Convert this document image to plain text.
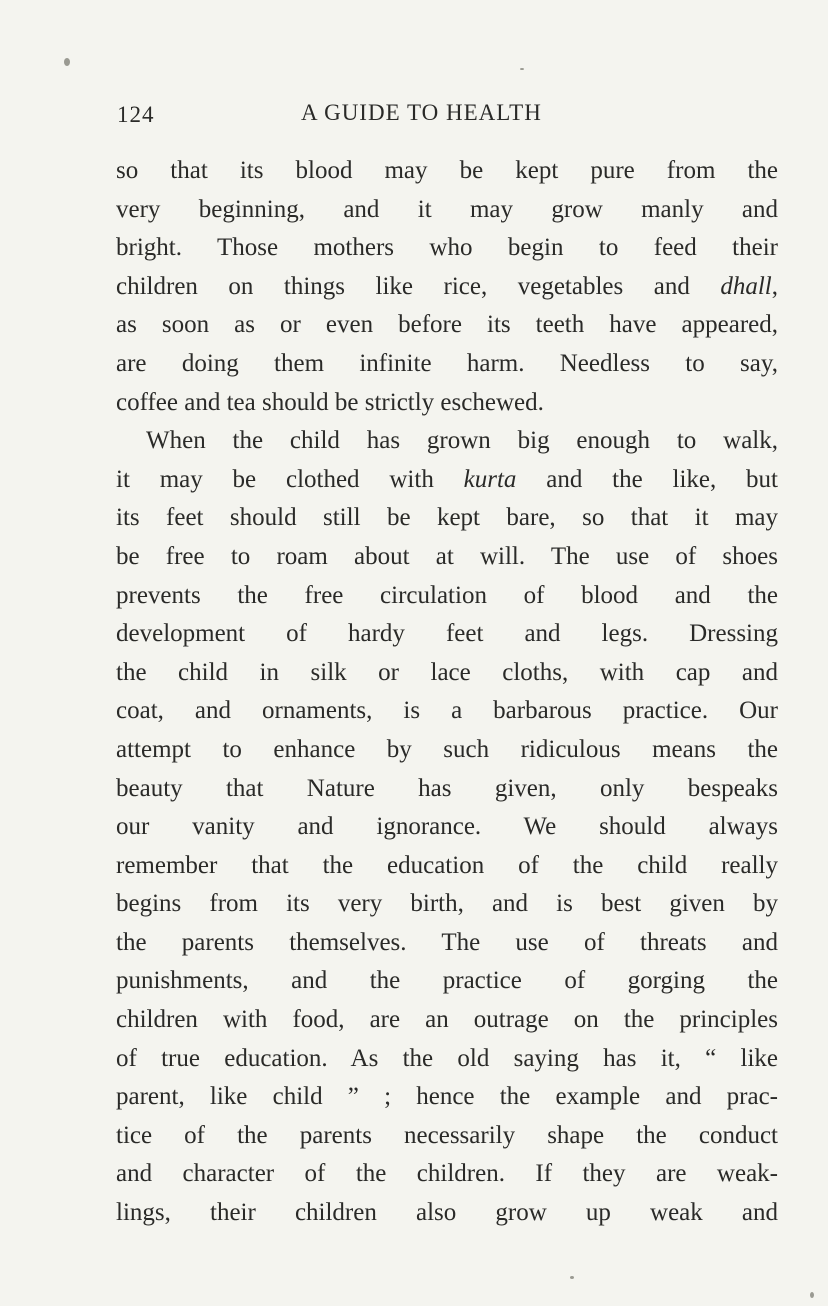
124	A GUIDE TO HEALTH
so that its blood may be kept pure from the
very beginning, and it may grow manly and
bright. Those mothers who begin to feed their
children on things like rice, vegetables and dhall,
as soon as or even before its teeth have appeared,
are doing them infinite harm. Needless to say,
coffee and tea should be strictly eschewed.
When the child has grown big enough to walk,
it may be clothed with kurta and the like, but
its feet should still be kept bare, so that it may
be free to roam about at will. The use of shoes
prevents the free circulation of blood and the
development of hardy feet and legs. Dressing
the child in silk or lace cloths, with cap and
coat, and ornaments, is a barbarous practice. Our
attempt to enhance by such ridiculous means the
beauty that Nature has given, only bespeaks
our vanity and ignorance. We should always
remember that the education of the child really
begins from its very birth, and is best given by
the parents themselves. The use of threats and
punishments, and the practice of gorging the
children with food, are an outrage on the principles
of true education. As the old saying has it, “ like
parent, like child ” ; hence the example and prac-
tice of the parents necessarily shape the conduct
and character of the children. If they are weak-
lings, their children also grow up weak and
